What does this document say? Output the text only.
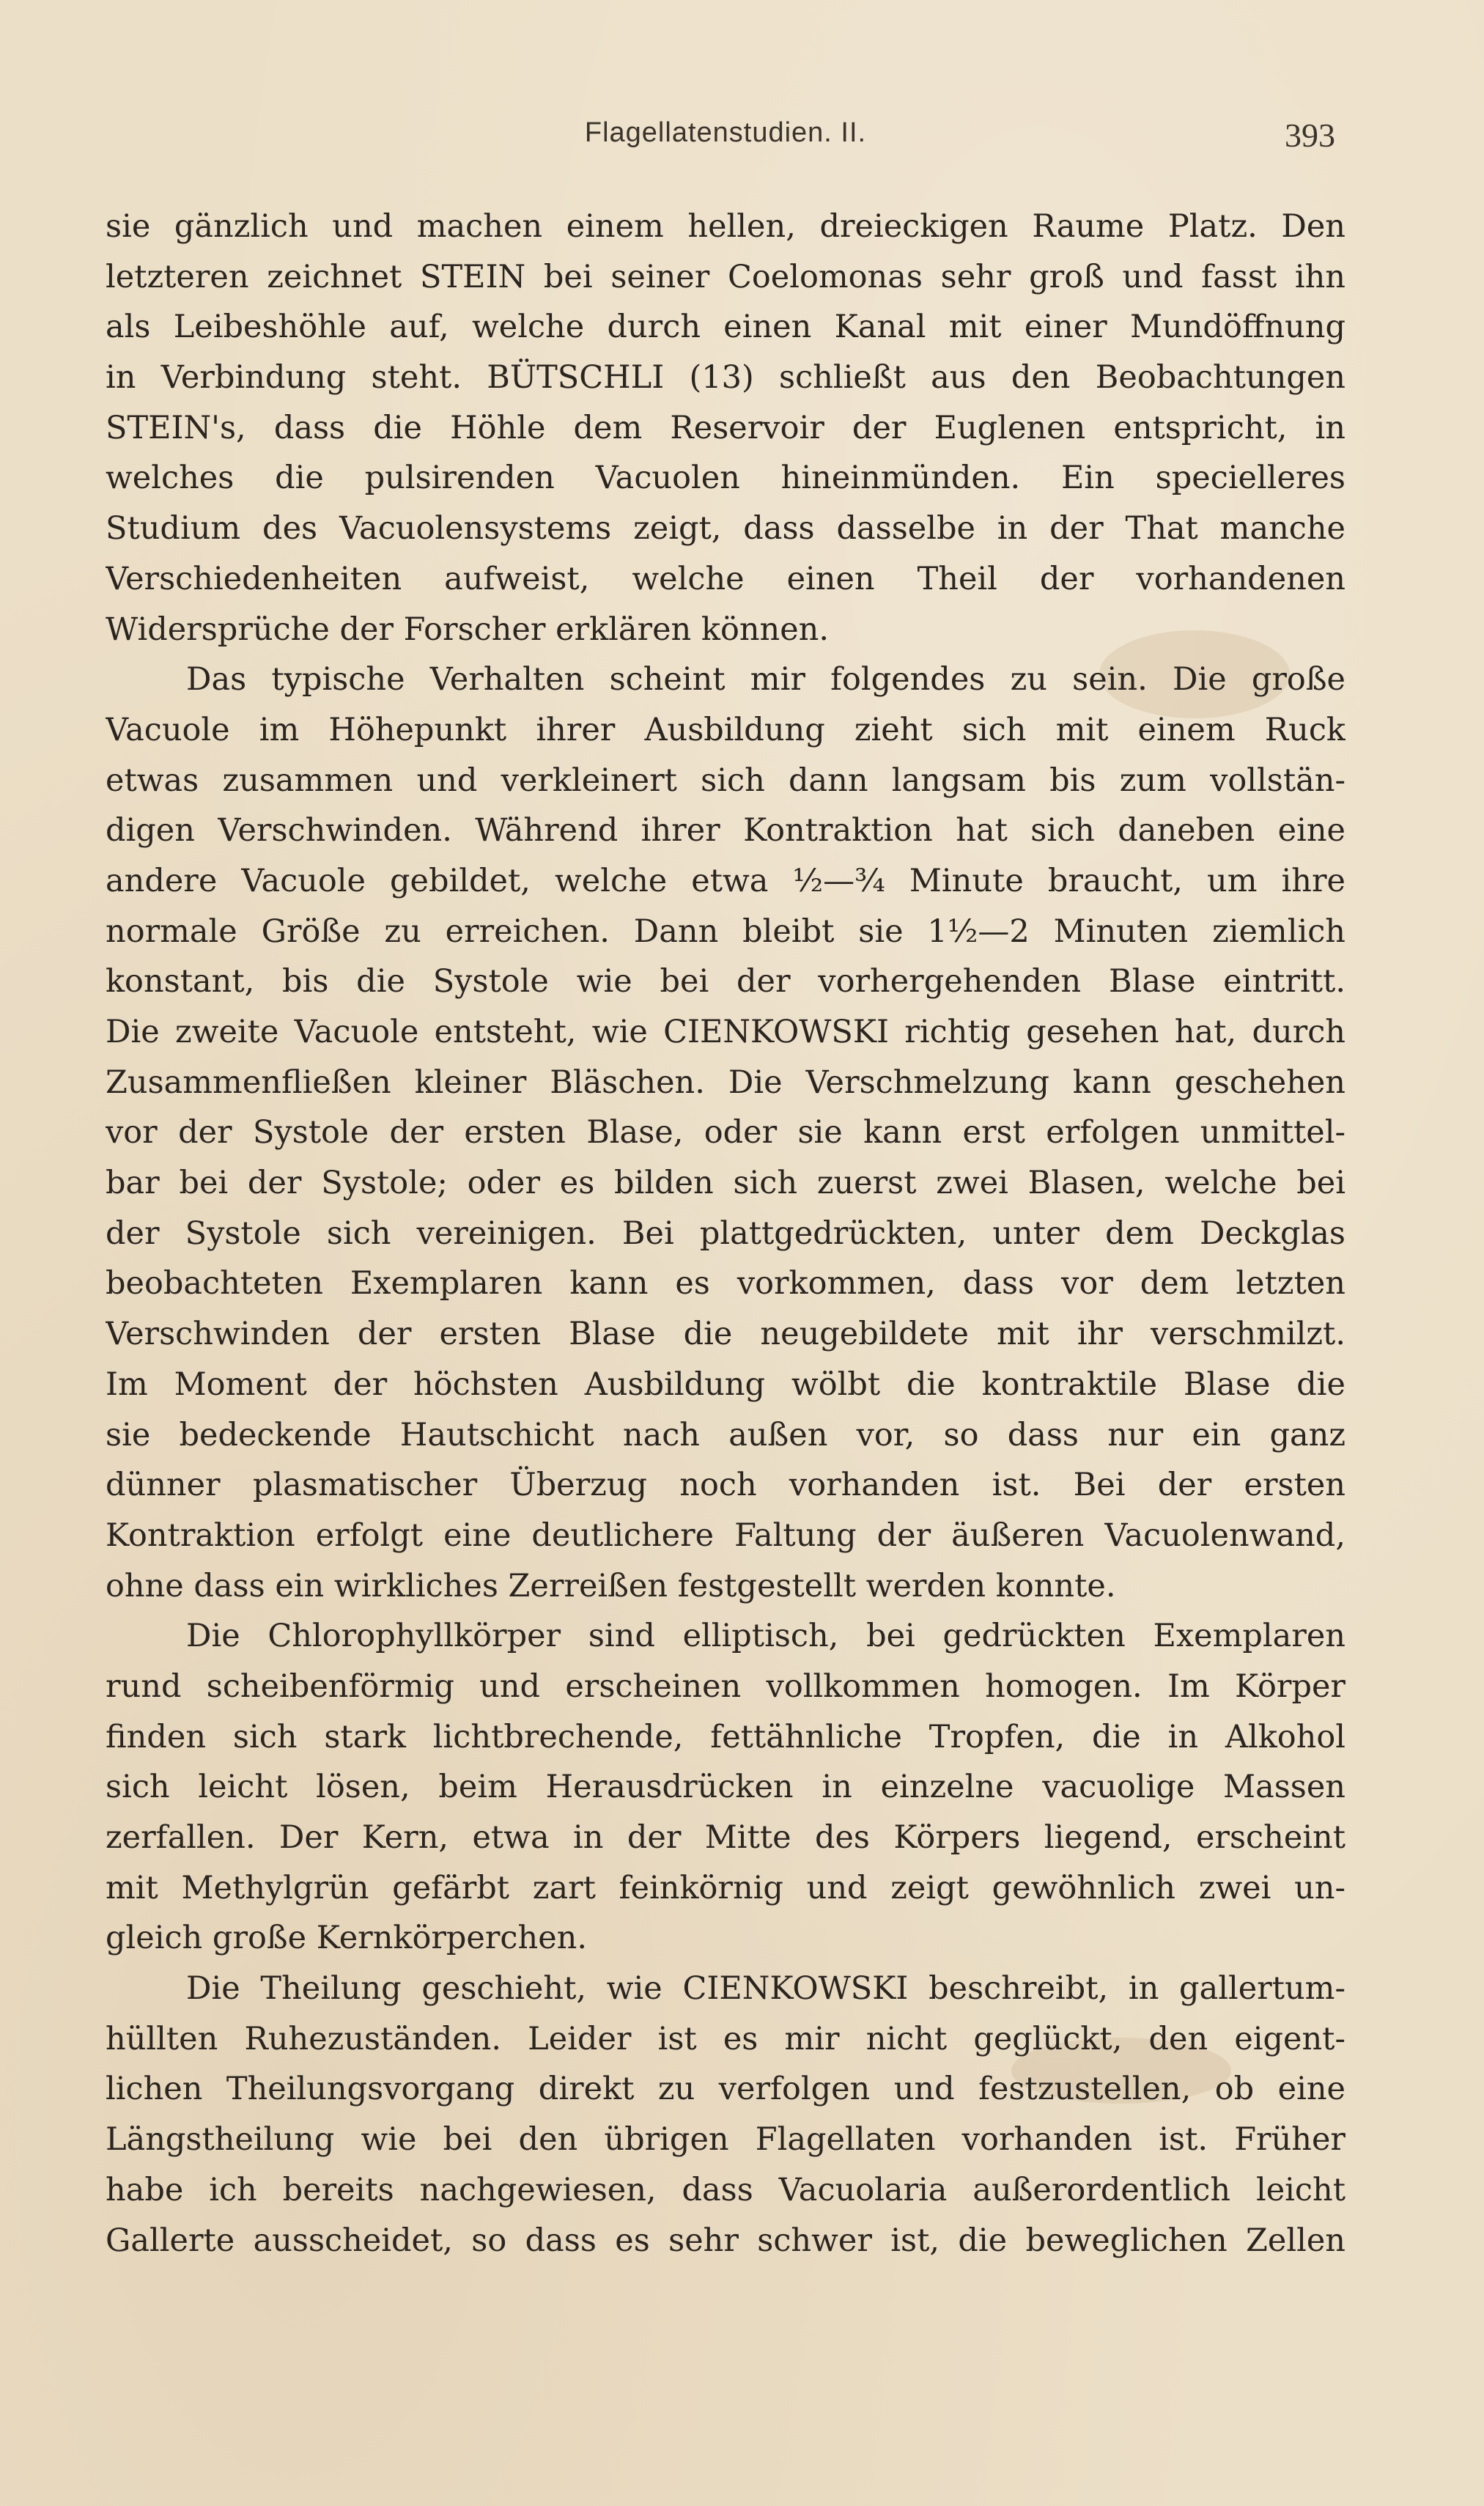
Flagellatenstudien. II.	393
sie gänzlich und machen einem hellen, dreieckigen Raume Platz. Den
letzteren zeichnet STEIN bei seiner Coelomonas sehr groß und fasst ihn
als Leibeshöhle auf, welche durch einen Kanal mit einer Mundöffnung
in Verbindung steht. BÜTSCHLI (13) schließt aus den Beobachtungen
STEIN's, dass die Höhle dem Reservoir der Euglenen entspricht, in
welches die pulsirenden Vacuolen hineinmünden. Ein specielleres
Studium des Vacuolensystems zeigt, dass dasselbe in der That manche
Verschiedenheiten aufweist, welche einen Theil der vorhandenen
Widersprüche der Forscher erklären können.
Das typische Verhalten scheint mir folgendes zu sein. Die große
Vacuole im Höhepunkt ihrer Ausbildung zieht sich mit einem Ruck
etwas zusammen und verkleinert sich dann langsam bis zum vollstän-
digen Verschwinden. Während ihrer Kontraktion hat sich daneben eine
andere Vacuole gebildet, welche etwa ½—¾ Minute braucht, um ihre
normale Größe zu erreichen. Dann bleibt sie 1½—2 Minuten ziemlich
konstant, bis die Systole wie bei der vorhergehenden Blase eintritt.
Die zweite Vacuole entsteht, wie CIENKOWSKI richtig gesehen hat, durch
Zusammenfließen kleiner Bläschen. Die Verschmelzung kann geschehen
vor der Systole der ersten Blase, oder sie kann erst erfolgen unmittel-
bar bei der Systole; oder es bilden sich zuerst zwei Blasen, welche bei
der Systole sich vereinigen. Bei plattgedrückten, unter dem Deckglas
beobachteten Exemplaren kann es vorkommen, dass vor dem letzten
Verschwinden der ersten Blase die neugebildete mit ihr verschmilzt.
Im Moment der höchsten Ausbildung wölbt die kontraktile Blase die
sie bedeckende Hautschicht nach außen vor, so dass nur ein ganz
dünner plasmatischer Überzug noch vorhanden ist. Bei der ersten
Kontraktion erfolgt eine deutlichere Faltung der äußeren Vacuolenwand,
ohne dass ein wirkliches Zerreißen festgestellt werden konnte.
Die Chlorophyllkörper sind elliptisch, bei gedrückten Exemplaren
rund scheibenförmig und erscheinen vollkommen homogen. Im Körper
finden sich stark lichtbrechende, fettähnliche Tropfen, die in Alkohol
sich leicht lösen, beim Herausdrücken in einzelne vacuolige Massen
zerfallen. Der Kern, etwa in der Mitte des Körpers liegend, erscheint
mit Methylgrün gefärbt zart feinkörnig und zeigt gewöhnlich zwei un-
gleich große Kernkörperchen.
Die Theilung geschieht, wie CIENKOWSKI beschreibt, in gallertum-
hüllten Ruhezuständen. Leider ist es mir nicht geglückt, den eigent-
lichen Theilungsvorgang direkt zu verfolgen und festzustellen, ob eine
Längstheilung wie bei den übrigen Flagellaten vorhanden ist. Früher
habe ich bereits nachgewiesen, dass Vacuolaria außerordentlich leicht
Gallerte ausscheidet, so dass es sehr schwer ist, die beweglichen Zellen
